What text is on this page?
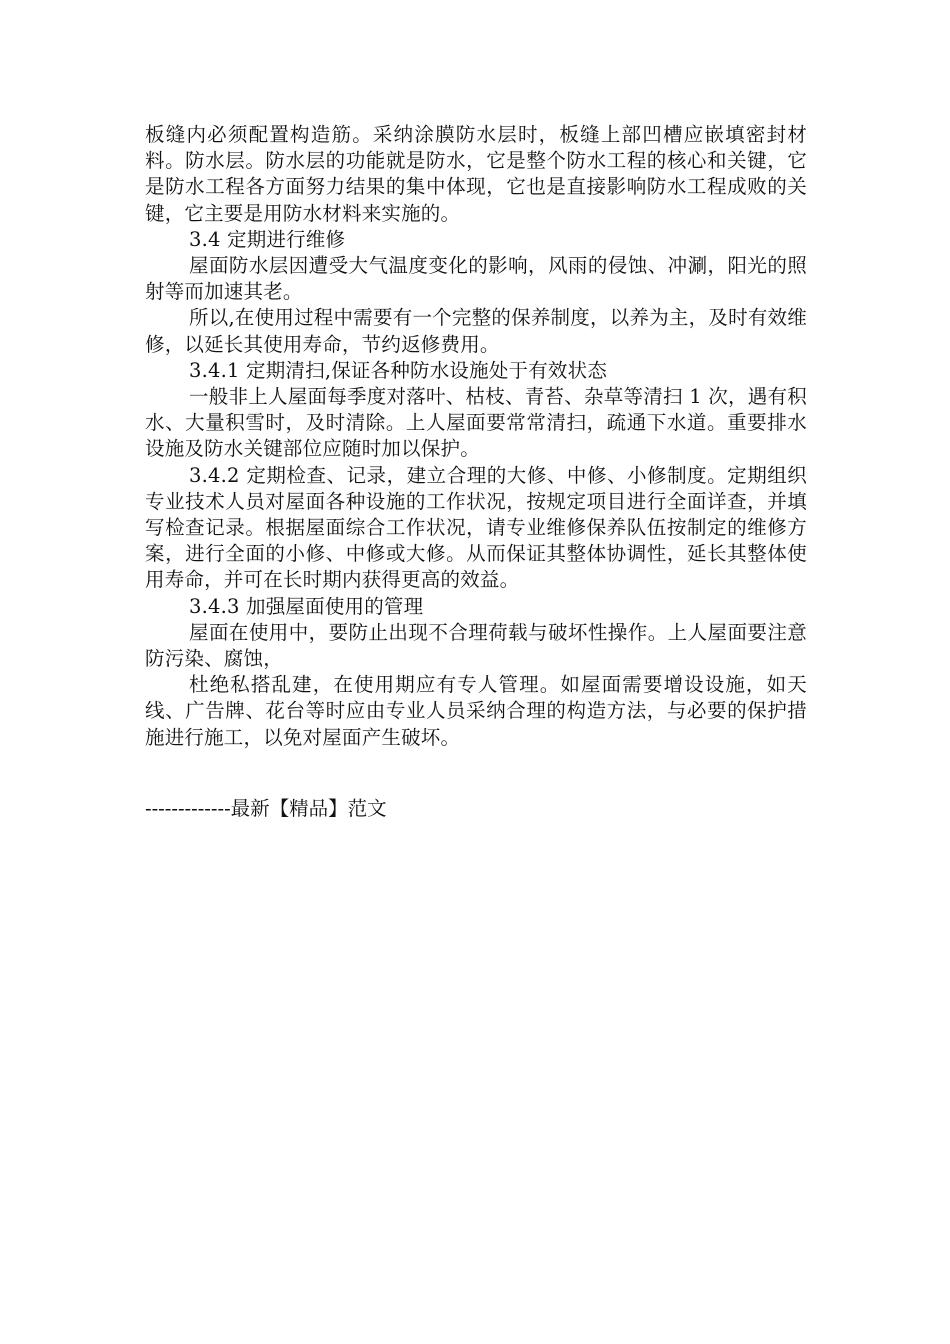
板缝内必须配置构造筋。采纳涂膜防水层时，板缝上部凹槽应嵌填密封材料。防水层。防水层的功能就是防水，它是整个防水工程的核心和关键，它是防水工程各方面努力结果的集中体现，它也是直接影响防水工程成败的关键，它主要是用防水材料来实施的。

3.4 定期进行维修

屋面防水层因遭受大气温度变化的影响，风雨的侵蚀、冲涮，阳光的照射等而加速其老。

所以,在使用过程中需要有一个完整的保养制度，以养为主，及时有效维修，以延长其使用寿命，节约返修费用。

3.4.1 定期清扫,保证各种防水设施处于有效状态

一般非上人屋面每季度对落叶、枯枝、青苔、杂草等清扫 1 次，遇有积水、大量积雪时，及时清除。上人屋面要常常清扫，疏通下水道。重要排水设施及防水关键部位应随时加以保护。

3.4.2 定期检查、记录，建立合理的大修、中修、小修制度。定期组织专业技术人员对屋面各种设施的工作状况，按规定项目进行全面详查，并填写检查记录。根据屋面综合工作状况，请专业维修保养队伍按制定的维修方案，进行全面的小修、中修或大修。从而保证其整体协调性，延长其整体使用寿命，并可在长时期内获得更高的效益。

3.4.3 加强屋面使用的管理

屋面在使用中，要防止出现不合理荷载与破坏性操作。上人屋面要注意防污染、腐蚀，

杜绝私搭乱建，在使用期应有专人管理。如屋面需要增设设施，如天线、广告牌、花台等时应由专业人员采纳合理的构造方法，与必要的保护措施进行施工，以免对屋面产生破坏。

-------------最新【精品】范文
